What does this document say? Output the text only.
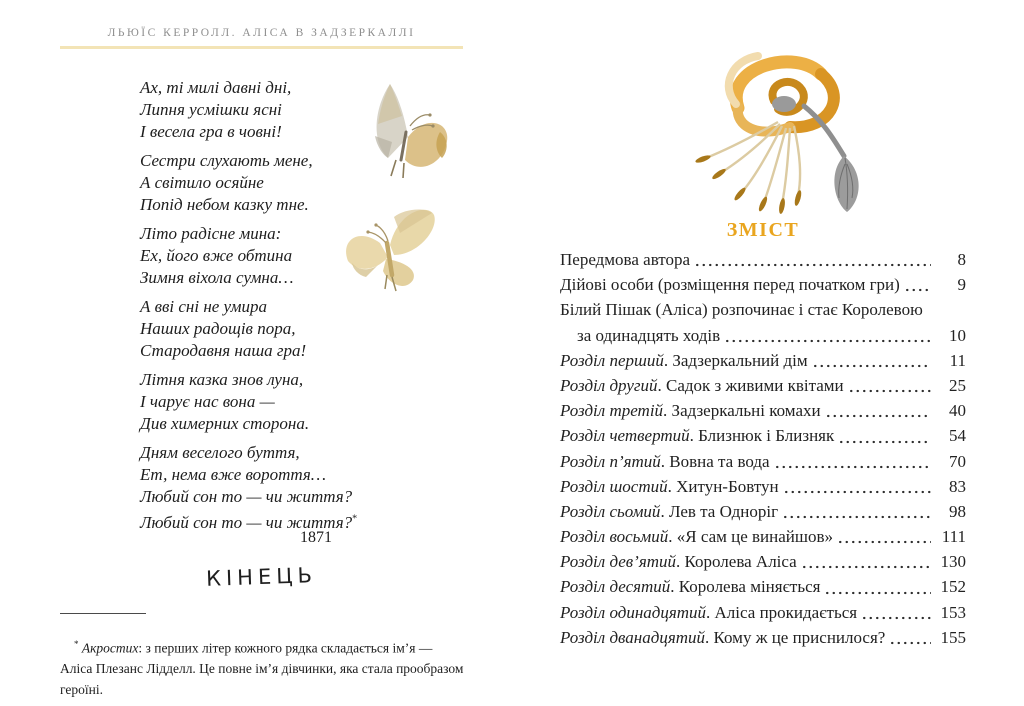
ЛЬЮЇС КЕРРОЛЛ. АЛІСА В ЗАДЗЕРКАЛЛІ

Ах, ті милі давні дні,
Липня усмішки ясні
І весела гра в човні!

Сестри слухають мене,
А світило осяйне
Попід небом казку тне.

Літо радісне мина:
Ех, його вже обтина
Зимня віхола сумна…

А вві сні не умира
Наших радощів пора,
Стародавня наша гра!

Літня казка знов луна,
І чарує нас вона —
Див химерних сторона.

Дням веселого буття,
Ет, нема вже вороття…
Любий сон то — чи життя?
Любий сон то — чи життя?*

1871
КІНЕЦЬ

* Акростих: з перших літер кожного рядка складається ім’я — Аліса Плезанс Лідделл. Це повне ім’я дівчинки, яка стала прообразом героїні.

ЗМІСТ
Передмова автора	8
Дійові особи (розміщення перед початком гри)	9
Білий Пішак (Аліса) розпочинає і стає Королевою
за одинадцять ходів	10
Розділ перший. Задзеркальний дім	11
Розділ другий. Садок з живими квітами	25
Розділ третій. Задзеркальні комахи	40
Розділ четвертий. Близнюк і Близняк	54
Розділ п’ятий. Вовна та вода	70
Розділ шостий. Хитун-Бовтун	83
Розділ сьомий. Лев та Одноріг	98
Розділ восьмий. «Я сам це винайшов»	111
Розділ дев’ятий. Королева Аліса	130
Розділ десятий. Королева міняється	152
Розділ одинадцятий. Аліса прокидається	153
Розділ дванадцятий. Кому ж це приснилося?	155
